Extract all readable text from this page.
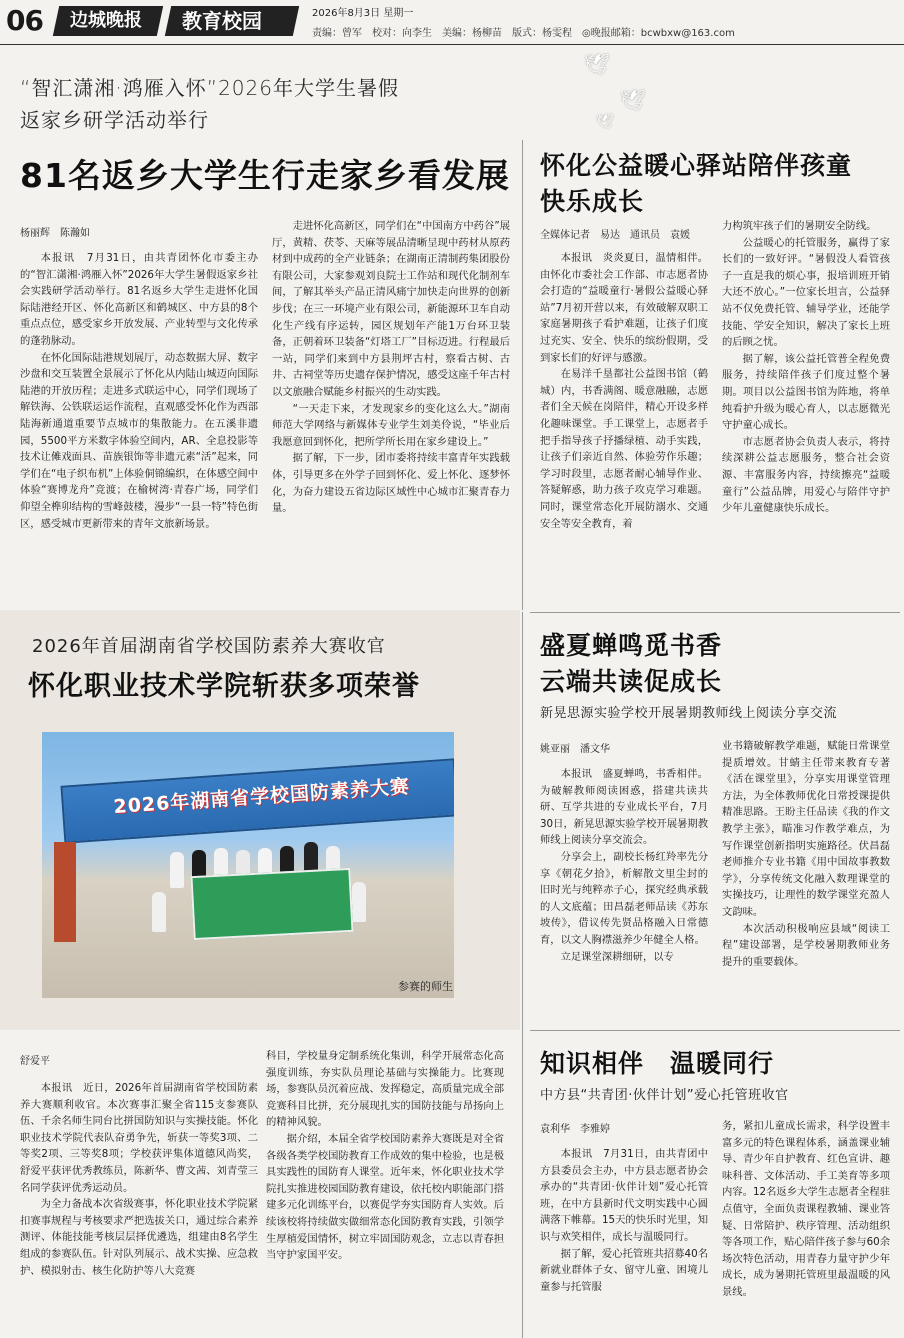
06	边城晚报	教育校园	2026年8月3日 星期一
责编：曾军　校对：向李生　美编：杨柳苗　版式：杨雯程　◎晚报邮箱：bcwbxw@163.com
🕊
🕊
🕊
“智汇潇湘·鸿雁入怀”2026年大学生暑假
返家乡研学活动举行
81名返乡大学生行走家乡看发展
杨丽辉　陈瀚如

本报讯　7月31日，由共青团怀化市委主办的“智汇潇湘·鸿雁入怀”2026年大学生暑假返家乡社会实践研学活动举行。81名返乡大学生走进怀化国际陆港经开区、怀化高新区和鹤城区、中方县的8个重点点位，感受家乡开放发展、产业转型与文化传承的蓬勃脉动。

在怀化国际陆港规划展厅，动态数据大屏、数字沙盘和交互装置全景展示了怀化从内陆山城迈向国际陆港的开放历程；走进多式联运中心，同学们现场了解铁海、公铁联运运作流程，直观感受怀化作为西部陆海新通道重要节点城市的集散能力。在五溪非遗园，5500平方米数字体验空间内，AR、全息投影等技术让傩戏面具、苗族银饰等非遗元素“活”起来，同学们在“电子织布机”上体验侗锦编织，在体感空间中体验“赛博龙舟”竞渡；在榆树湾·青春广场，同学们仰望全榫卯结构的雪峰鼓楼，漫步“一县一特”特色街区，感受城市更新带来的青年文旅新场景。

走进怀化高新区，同学们在“中国南方中药谷”展厅，黄精、茯苓、天麻等展品清晰呈现中药材从原药材到中成药的全产业链条；在湖南正清制药集团股份有限公司，大家参观刘良院士工作站和现代化制剂车间，了解其举头产品正清风痛宁加快走向世界的创新步伐；在三一环境产业有限公司，新能源环卫车自动化生产线有序运转，园区规划年产能1万台环卫装备，正朝着环卫装备“灯塔工厂”目标迈进。行程最后一站，同学们来到中方县荆坪古村，察看古树、古井、古祠堂等历史遗存保护情况，感受这座千年古村以文旅融合赋能乡村振兴的生动实践。

“一天走下来，才发现家乡的变化这么大。”湖南师范大学网络与新媒体专业学生刘美伶说，“毕业后我愿意回到怀化，把所学所长用在家乡建设上。”

据了解，下一步，团市委将持续丰富青年实践载体，引导更多在外学子回到怀化、爱上怀化、逐梦怀化，为奋力建设五省边际区域性中心城市汇聚青春力量。

怀化公益暖心驿站陪伴孩童
快乐成长
全媒体记者　易达　通讯员　袁媛

本报讯　炎炎夏日，温情相伴。由怀化市委社会工作部、市志愿者协会打造的“益暖童行·暑假公益暖心驿站”7月初开营以来，有效破解双职工家庭暑期孩子看护难题，让孩子们度过充实、安全、快乐的缤纷假期，受到家长们的好评与感激。

在易洋千垦都社公益图书馆（鹤城）内，书香满阁、暖意融融，志愿者们全天候在岗陪伴，精心开设多样化趣味课堂。手工课堂上，志愿者手把手指导孩子抒播绿植、动手实践，让孩子们亲近自然、体验劳作乐趣；学习时段里，志愿者耐心辅导作业、答疑解惑，助力孩子攻克学习难题。同时，课堂常态化开展防溺水、交通安全等安全教育，着

力构筑牢孩子们的暑期安全防线。

公益暖心的托管服务，赢得了家长们的一致好评。“暑假没人看管孩子一直是我的烦心事，报培训班开销大还不放心。”一位家长坦言，公益驿站不仅免费托管、辅导学业，还能学技能、学安全知识，解决了家长上班的后顾之忧。

据了解，该公益托管普全程免费服务，持续陪伴孩子们度过整个暑期。项目以公益图书馆为阵地，将单纯看护升级为暖心育人，以志愿微光守护童心成长。

市志愿者协会负责人表示，将持续深耕公益志愿服务，整合社会资源、丰富服务内容，持续擦亮“益暖童行”公益品牌，用爱心与陪伴守护少年儿童健康快乐成长。

2026年首届湖南省学校国防素养大赛收官
怀化职业技术学院斩获多项荣誉
2026年湖南省学校国防素养大赛
参赛的师生
舒爱平

本报讯　近日，2026年首届湖南省学校国防素养大赛顺利收官。本次赛事汇聚全省115支参赛队伍、千余名师生同台比拼国防知识与实操技能。怀化职业技术学院代表队奋勇争先，斩获一等奖3项、二等奖2项、三等奖8项；学校获评集体道德风尚奖，舒爱平获评优秀教练员，陈新华、曹文茜、刘青莹三名同学获评优秀运动员。

为全力备战本次省级赛事，怀化职业技术学院紧扣赛事规程与考核要求严把选拔关口，通过综合素养测评、体能技能考核层层择优遴选，组建由8名学生组成的参赛队伍。针对队列展示、战术实操、应急救护、模拟射击、核生化防护等八大竞赛

科目，学校量身定制系统化集训，科学开展常态化高强度训练，夯实队员理论基础与实操能力。比赛现场，参赛队员沉着应战、发挥稳定，高质量完成全部竞赛科目比拼，充分展现扎实的国防技能与昂扬向上的精神风貌。

据介绍，本届全省学校国防素养大赛既是对全省各级各类学校国防教育工作成效的集中检验，也是极具实践性的国防育人课堂。近年来，怀化职业技术学院扎实推进校园国防教育建设，依托校内职能部门搭建多元化训练平台，以赛促学夯实国防育人实效。后续该校将持续做实做细常态化国防教育实践，引领学生厚植爱国情怀，树立牢固国防观念，立志以青春担当守护家国平安。

盛夏蝉鸣觅书香
云端共读促成长
新晃思源实验学校开展暑期教师线上阅读分享交流
姚亚丽　潘文华

本报讯　盛夏蝉鸣，书香相伴。为破解教师阅读困惑，搭建共读共研、互学共进的专业成长平台，7月30日，新晃思源实验学校开展暑期教师线上阅读分享交流会。

分享会上，副校长杨红羚率先分享《朝花夕拾》，析解散文里尘封的旧时光与纯粹赤子心，探究经典承载的人文底蕴；田昌磊老师品读《苏东坡传》，借议传先贤品格融入日常德育，以文人胸襟滋养少年健全人格。

立足课堂深耕细研，以专

业书籍破解教学难题，赋能日常课堂提质增效。甘蜻主任带来教育专著《活在课堂里》，分享实用课堂管理方法，为全体教师优化日常授课提供精准思路。王盼主任品读《我的作文教学主张》，瞄准习作教学难点，为写作课堂创新指明实施路径。伏昌磊老师推介专业书籍《用中国故事教数学》，分享传统文化融入数理课堂的实操技巧，让理性的数学课堂充盈人文韵味。

本次活动积极响应县域“阅读工程”建设部署，是学校暑期教师业务提升的重要载体。

知识相伴　温暖同行
中方县“共青团·伙伴计划”爱心托管班收官
袁利华　李雅婷

本报讯　7月31日，由共青团中方县委员会主办，中方县志愿者协会承办的“共青团·伙伴计划”爱心托管班，在中方县新时代文明实践中心圆满落下帷幕。15天的快乐时光里，知识与欢笑相伴，成长与温暖同行。

据了解，爱心托管班共招募40名新就业群体子女、留守儿童、困境儿童参与托管服

务，紧扣儿童成长需求，科学设置丰富多元的特色课程体系，涵盖课业辅导、青少年自护教育、红色宣讲、趣味科普、文体活动、手工美育等多项内容。12名返乡大学生志愿者全程驻点值守，全面负责课程教辅、课业答疑、日常陪护、秩序管理、活动组织等各项工作，贴心陪伴孩子参与60余场次特色活动，用青春力量守护少年成长，成为暑期托管班里最温暖的风景线。
